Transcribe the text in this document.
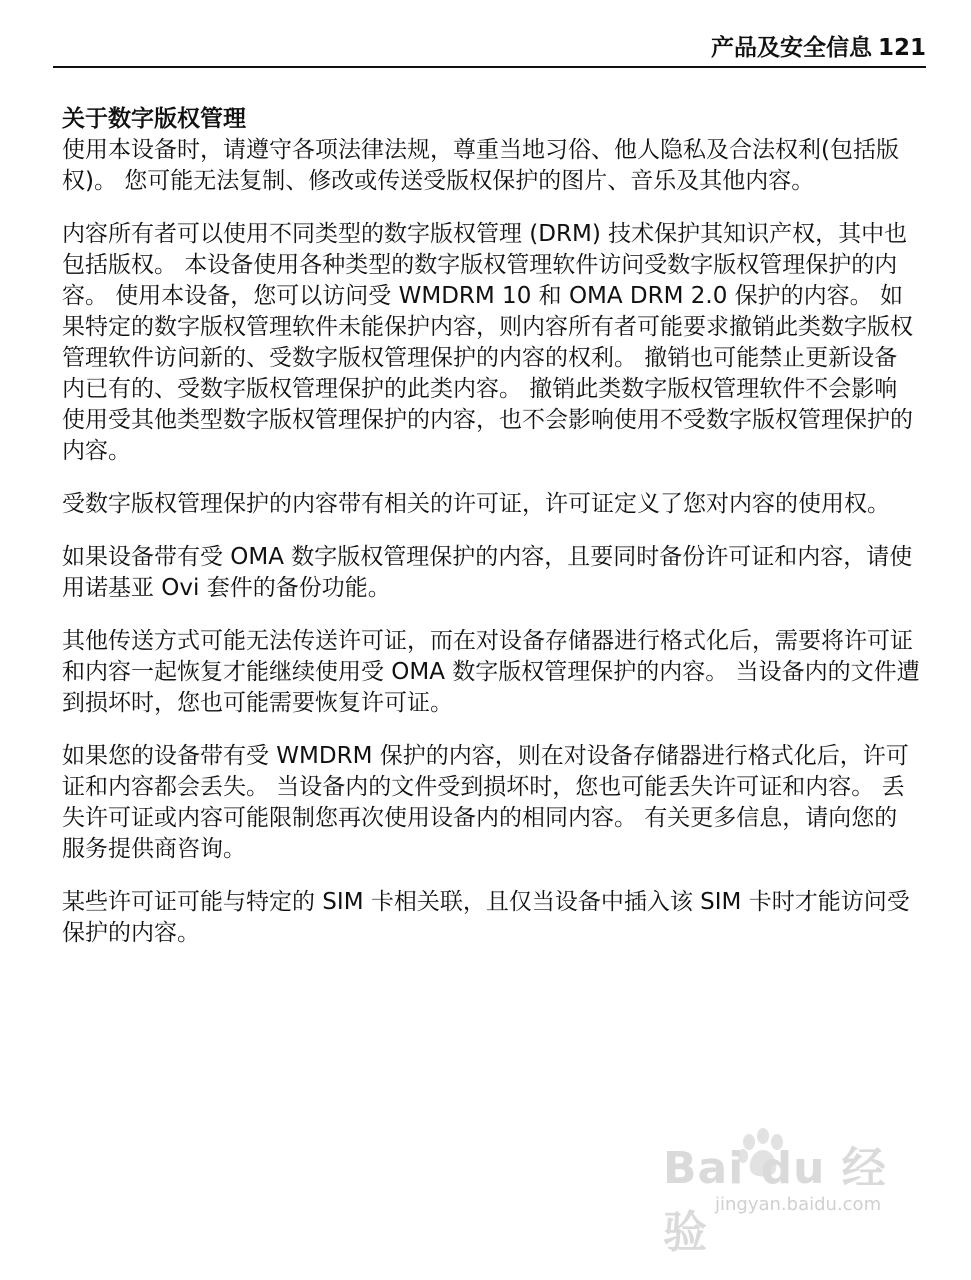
产品及安全信息 121
关于数字版权管理

使用本设备时，请遵守各项法律法规，尊重当地习俗、他人隐私及合法权利(包括版权)。 您可能无法复制、修改或传送受版权保护的图片、音乐及其他内容。

内容所有者可以使用不同类型的数字版权管理 (DRM) 技术保护其知识产权，其中也包括版权。 本设备使用各种类型的数字版权管理软件访问受数字版权管理保护的内容。 使用本设备，您可以访问受 WMDRM 10 和 OMA DRM 2.0 保护的内容。 如果特定的数字版权管理软件未能保护内容，则内容所有者可能要求撤销此类数字版权管理软件访问新的、受数字版权管理保护的内容的权利。 撤销也可能禁止更新设备内已有的、受数字版权管理保护的此类内容。 撤销此类数字版权管理软件不会影响使用受其他类型数字版权管理保护的内容，也不会影响使用不受数字版权管理保护的内容。

受数字版权管理保护的内容带有相关的许可证，许可证定义了您对内容的使用权。

如果设备带有受 OMA 数字版权管理保护的内容，且要同时备份许可证和内容，请使用诺基亚 Ovi 套件的备份功能。

其他传送方式可能无法传送许可证，而在对设备存储器进行格式化后，需要将许可证和内容一起恢复才能继续使用受 OMA 数字版权管理保护的内容。 当设备内的文件遭到损坏时，您也可能需要恢复许可证。

如果您的设备带有受 WMDRM 保护的内容，则在对设备存储器进行格式化后，许可证和内容都会丢失。 当设备内的文件受到损坏时，您也可能丢失许可证和内容。 丢失许可证或内容可能限制您再次使用设备内的相同内容。 有关更多信息，请向您的服务提供商咨询。

某些许可证可能与特定的 SIM 卡相关联，且仅当设备中插入该 SIM 卡时才能访问受保护的内容。

Bai du 经验
jingyan.baidu.com
